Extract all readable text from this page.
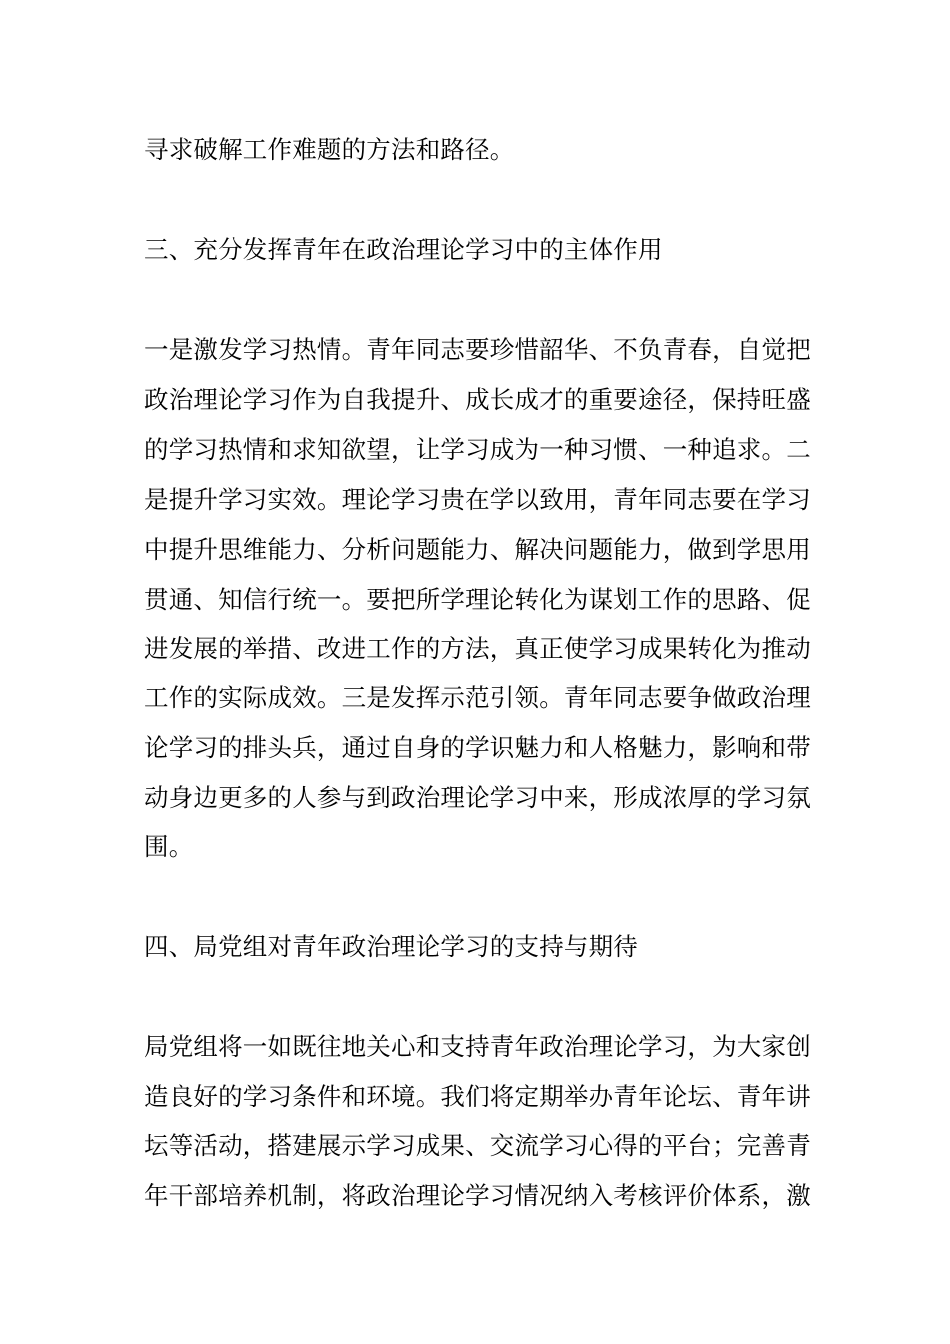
寻求破解工作难题的方法和路径。
三、充分发挥青年在政治理论学习中的主体作用
一是激发学习热情。青年同志要珍惜韶华、不负青春，自觉把
政治理论学习作为自我提升、成长成才的重要途径，保持旺盛
的学习热情和求知欲望，让学习成为一种习惯、一种追求。二
是提升学习实效。理论学习贵在学以致用，青年同志要在学习
中提升思维能力、分析问题能力、解决问题能力，做到学思用
贯通、知信行统一。要把所学理论转化为谋划工作的思路、促
进发展的举措、改进工作的方法，真正使学习成果转化为推动
工作的实际成效。三是发挥示范引领。青年同志要争做政治理
论学习的排头兵，通过自身的学识魅力和人格魅力，影响和带
动身边更多的人参与到政治理论学习中来，形成浓厚的学习氛
围。
四、局党组对青年政治理论学习的支持与期待
局党组将一如既往地关心和支持青年政治理论学习，为大家创
造良好的学习条件和环境。我们将定期举办青年论坛、青年讲
坛等活动，搭建展示学习成果、交流学习心得的平台；完善青
年干部培养机制，将政治理论学习情况纳入考核评价体系，激
